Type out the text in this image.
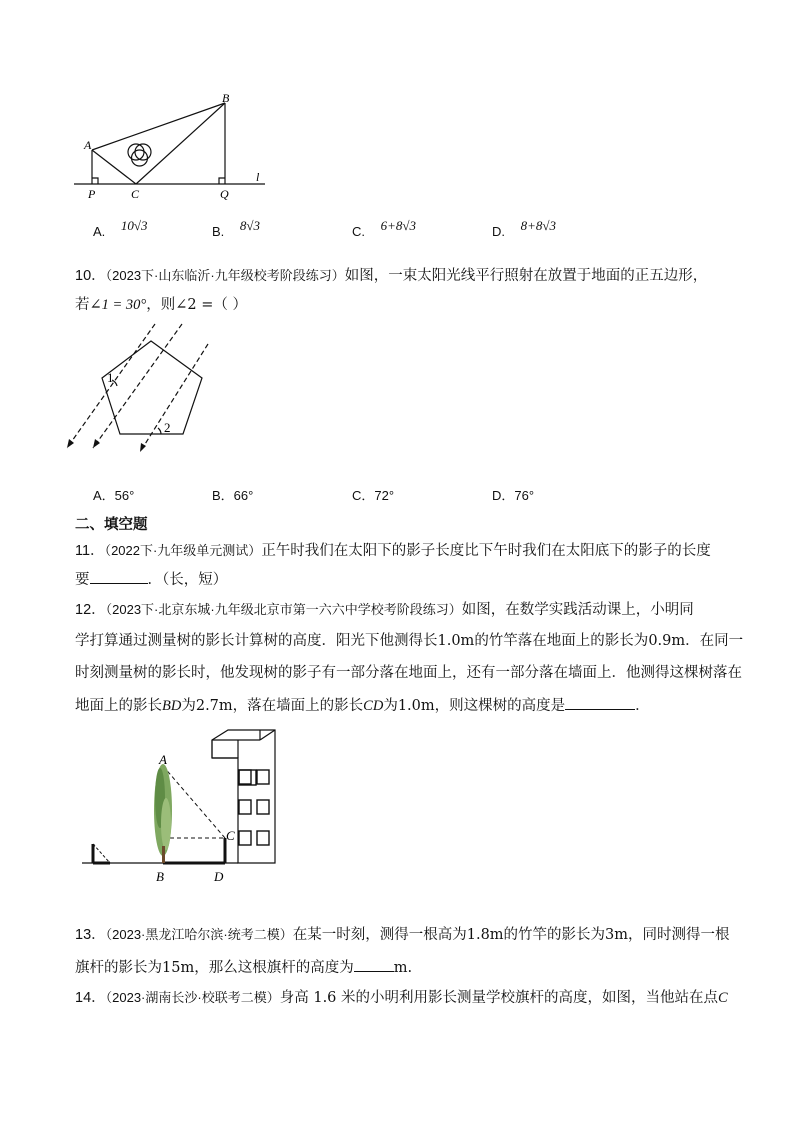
A
B
P	C	Q
l
A. 10√3	B. 8√3	C. 6+8√3	D. 8+8√3
10．（2023下·山东临沂·九年级校考阶段练习）如图，一束太阳光线平行照射在放置于地面的正五边形，
若∠1 = 30°，则∠2 =（ ）
1
2
A．56°	B．66°	C．72°	D．76°
二、填空题
11．（2022下·九年级单元测试）正午时我们在太阳下的影子长度比下午时我们在太阳底下的影子的长度
要	．（长，短）
12．（2023下·北京东城·九年级北京市第一六六中学校考阶段练习）如图，在数学实践活动课上，小明同
学打算通过测量树的影长计算树的高度．阳光下他测得长1.0m的竹竿落在地面上的影长为0.9m．在同一
时刻测量树的影长时，他发现树的影子有一部分落在地面上，还有一部分落在墙面上．他测得这棵树落在
地面上的影长BD为2.7m，落在墙面上的影长CD为1.0m，则这棵树的高度是	．
A
B
C
D
13．（2023·黑龙江哈尔滨·统考二模）在某一时刻，测得一根高为1.8m的竹竿的影长为3m，同时测得一根
旗杆的影长为15m，那么这根旗杆的高度为	m.
14．（2023·湖南长沙·校联考二模）身高 1.6 米的小明利用影长测量学校旗杆的高度，如图，当他站在点C
